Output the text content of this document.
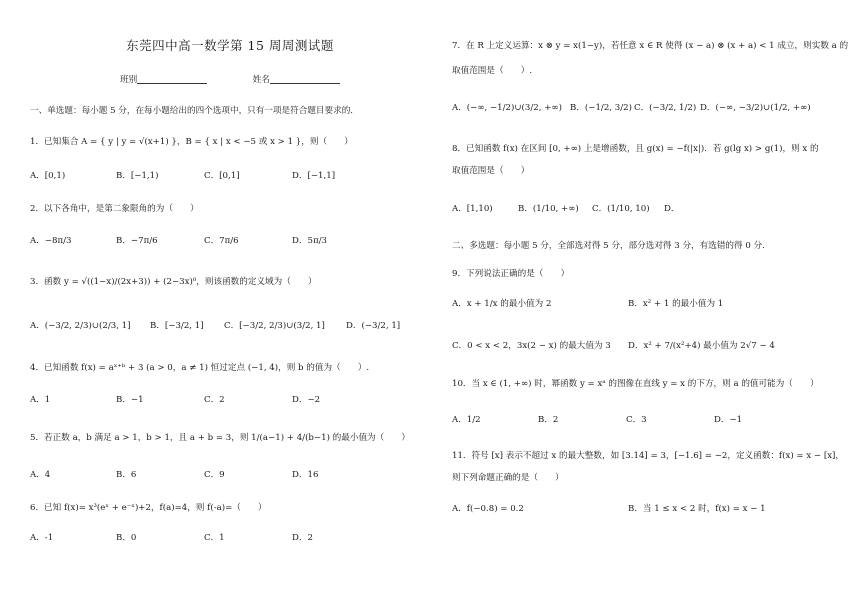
东莞四中高一数学第 15 周周测试题
班别	姓名
一、单选题：每小题 5 分，在每小题给出的四个选项中，只有一项是符合题目要求的.
1．已知集合 A = { y | y = √(x+1) }，B = { x | x < −5 或 x > 1 }，则（　　）
A．[0,1)	B．[−1,1)	C．[0,1]	D．[−1,1]
2．以下各角中，是第二象限角的为（　　）
A．−8π/3	B．−7π/6	C．7π/6	D．5π/3
3．函数 y = √((1−x)/(2x+3)) + (2−3x)⁰，则该函数的定义域为（　　）
A．(−3/2, 2/3)∪(2/3, 1] B．[−3/2, 1] C．[−3/2, 2/3)∪(3/2, 1] D．(−3/2, 1]
4．已知函数 f(x) = aˣ⁺ᵇ + 3 (a > 0，a ≠ 1) 恒过定点 (−1, 4)，则 b 的值为（　　）.
A．1	B．−1	C．2	D．−2
5．若正数 a，b 满足 a > 1，b > 1，且 a + b = 3，则 1/(a−1) + 4/(b−1) 的最小值为（　　）
A．4	B．6	C．9	D．16
6．已知 f(x)= x³(eˣ + e⁻ˣ)+2，f(a)=4，则 f(-a)=（　　）
A．-1	B．0	C．1	D．2
7．在 R 上定义运算：x ⊗ y = x(1−y)，若任意 x ∈ R 使得 (x − a) ⊗ (x + a) < 1 成立，则实数 a 的
取值范围是（　　）.
A．(−∞, −1/2)∪(3/2, +∞) B．(−1/2, 3/2) C．(−3/2, 1/2) D．(−∞, −3/2)∪(1/2, +∞)
8．已知函数 f(x) 在区间 [0, +∞) 上是增函数，且 g(x) = −f(|x|)．若 g(lg x) > g(1)，则 x 的
取值范围是（　　）
A．[1,10)	B．(1/10, +∞) C．(1/10, 10) D．
二、多选题：每小题 5 分，全部选对得 5 分，部分选对得 3 分，有选错的得 0 分.
9．下列说法正确的是（　　）
A．x + 1/x 的最小值为 2	B．x² + 1 的最小值为 1
C．0 < x < 2，3x(2 − x) 的最大值为 3 D．x² + 7/(x²+4) 最小值为 2√7 − 4
10．当 x ∈ (1, +∞) 时，幂函数 y = xᵃ 的图像在直线 y = x 的下方，则 a 的值可能为（　　）
A．1/2	B．2	C．3	D．−1
11．符号 [x] 表示不超过 x 的最大整数，如 [3.14] = 3，[−1.6] = −2，定义函数：f(x) = x − [x]，
则下列命题正确的是（　　）
A．f(−0.8) = 0.2	B．当 1 ≤ x < 2 时，f(x) = x − 1
